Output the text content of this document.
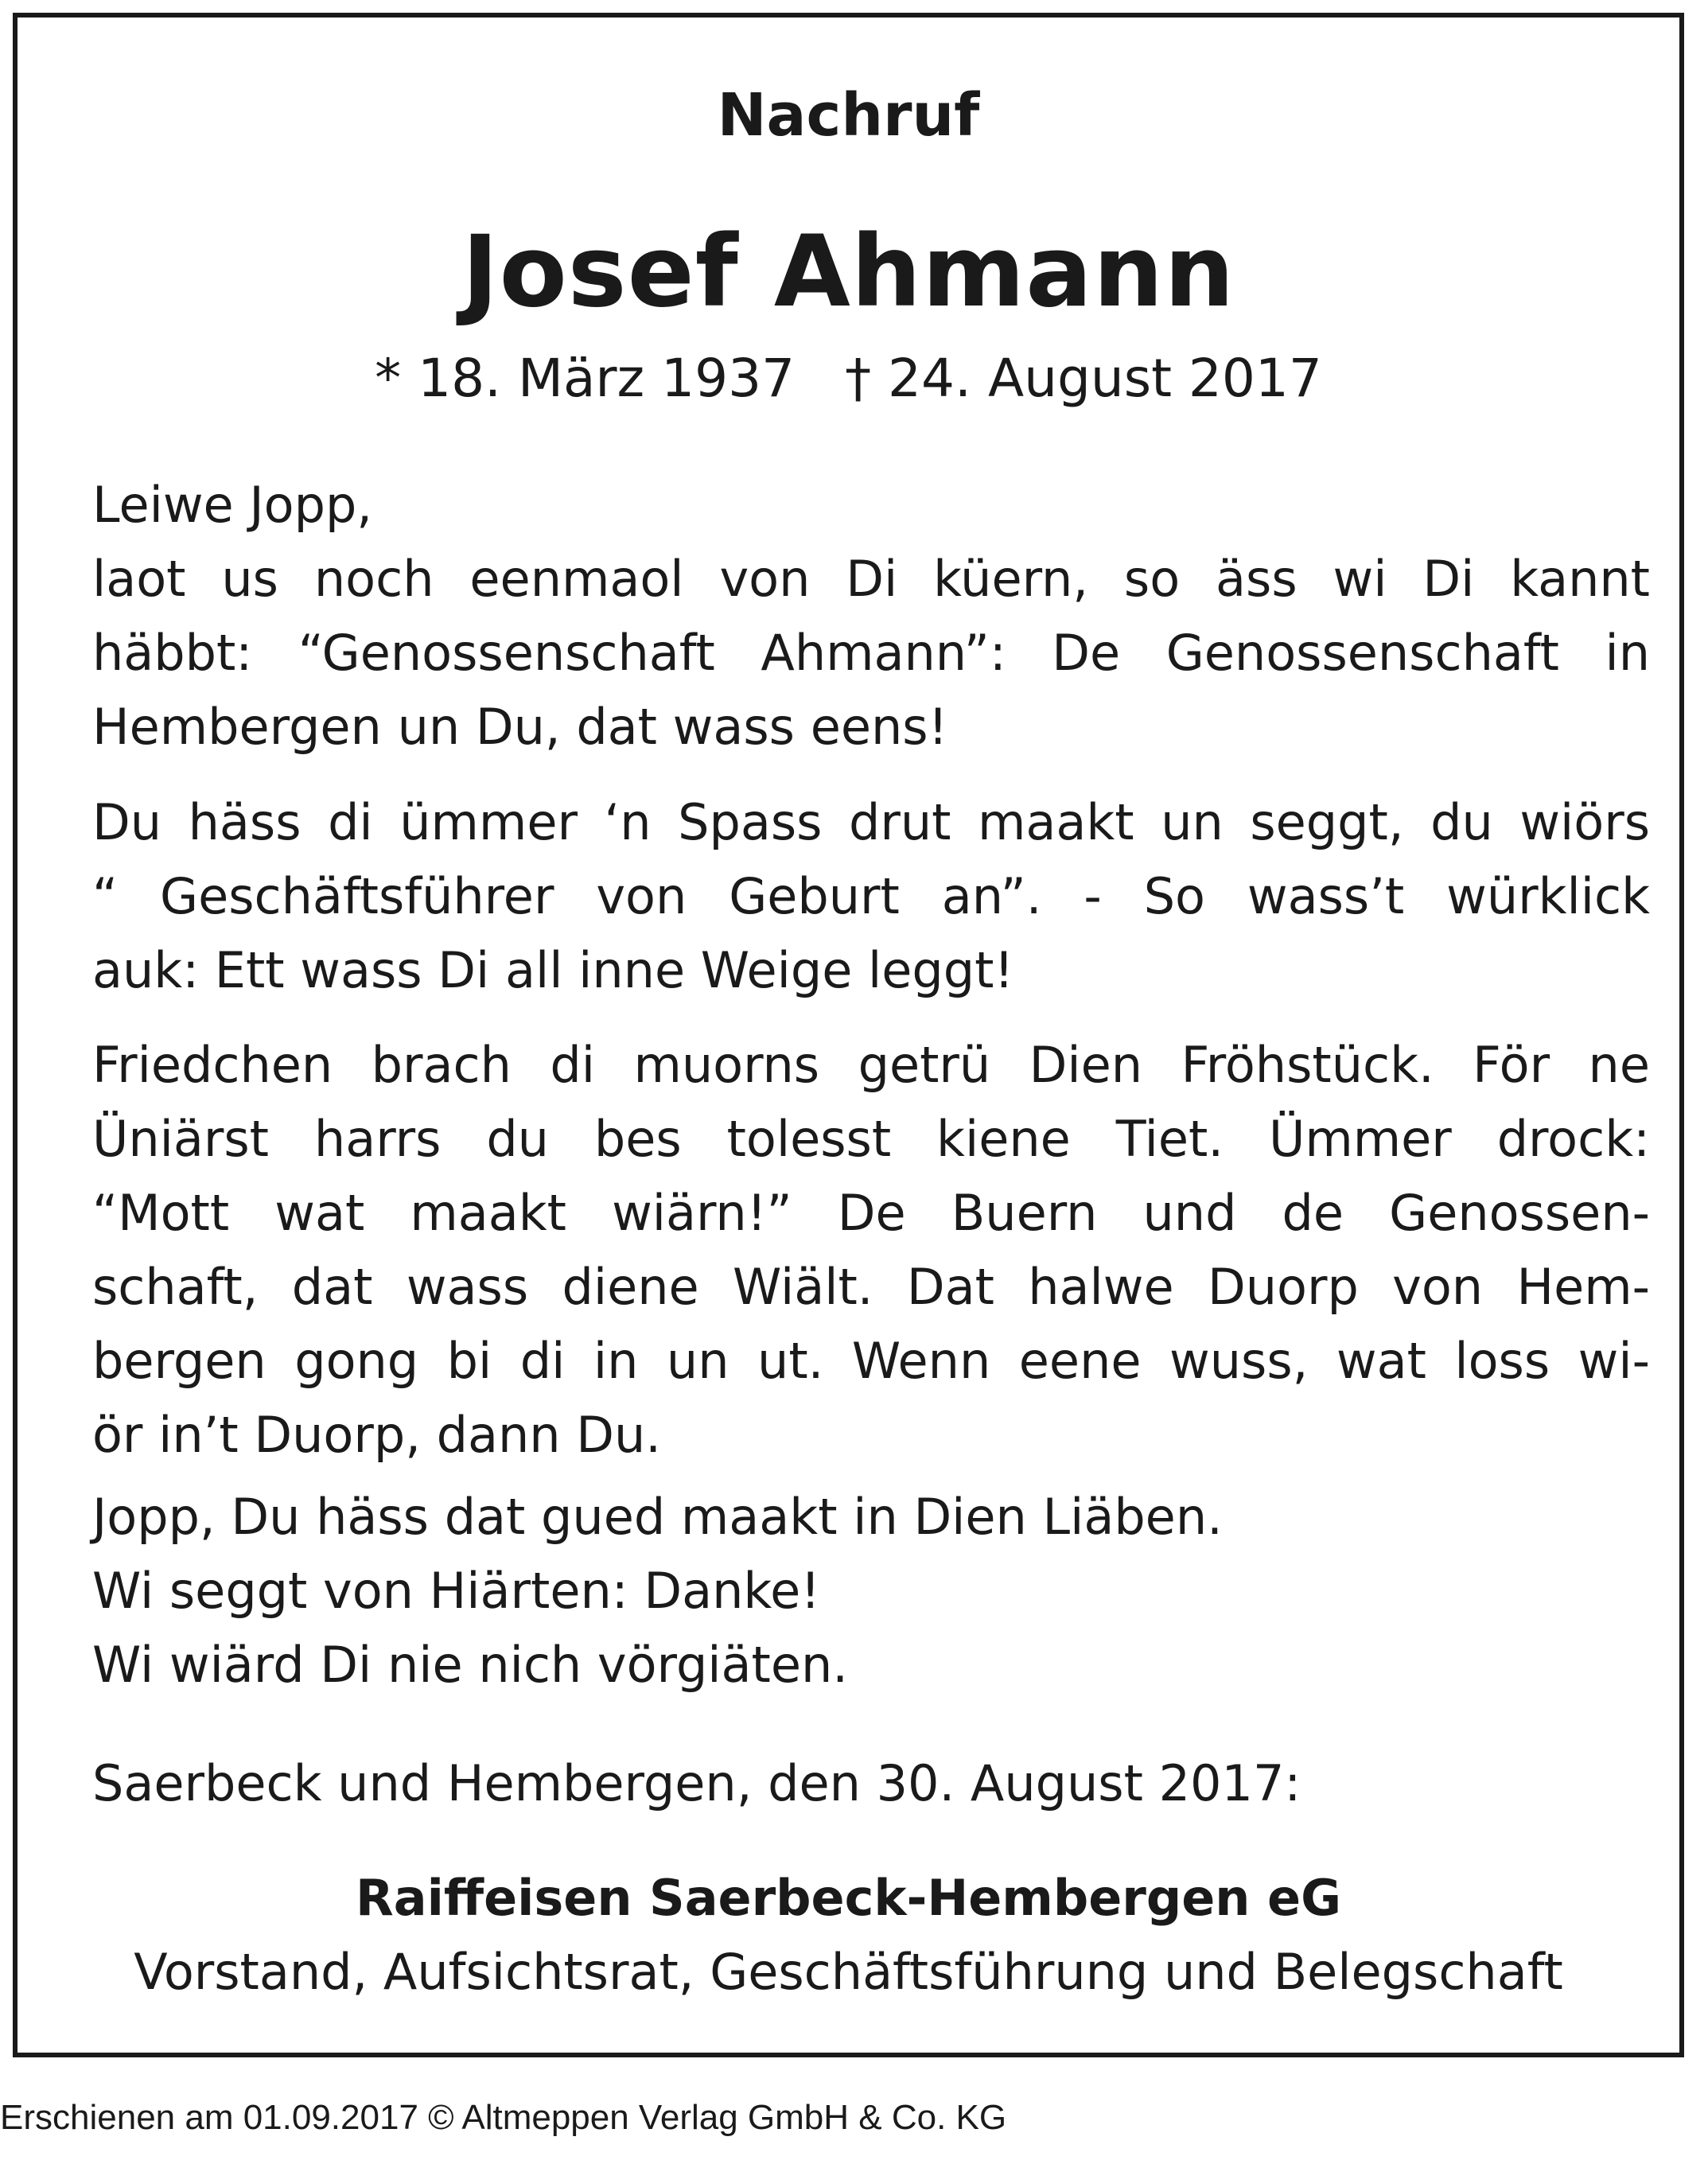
Nachruf
Josef Ahmann
* 18. März 1937   † 24. August 2017
Leiwe Jopp,
laot us noch eenmaol von Di küern, so äss wi Di kannt
häbbt: “Genossenschaft Ahmann”: De Genossenschaft in
Hembergen un Du, dat wass eens!
Du häss di ümmer ‘n Spass drut maakt un seggt, du wiörs
“ Geschäftsführer von Geburt an”. - So wass’t würklick
auk: Ett wass Di all inne Weige leggt!
Friedchen brach di muorns getrü Dien Fröhstück. För ne
Üniärst harrs du bes tolesst kiene Tiet. Ümmer drock:
“Mott wat maakt wiärn!” De Buern und de Genossen-
schaft, dat wass diene Wiält. Dat halwe Duorp von Hem-
bergen gong bi di in un ut. Wenn eene wuss, wat loss wi-
ör in’t Duorp, dann Du.
Jopp, Du häss dat gued maakt in Dien Liäben.
Wi seggt von Hiärten: Danke!
Wi wiärd Di nie nich vörgiäten.
Saerbeck und Hembergen, den 30. August 2017:
Raiffeisen Saerbeck-Hembergen eG
Vorstand, Aufsichtsrat, Geschäftsführung und Belegschaft
Erschienen am 01.09.2017 © Altmeppen Verlag GmbH & Co. KG
